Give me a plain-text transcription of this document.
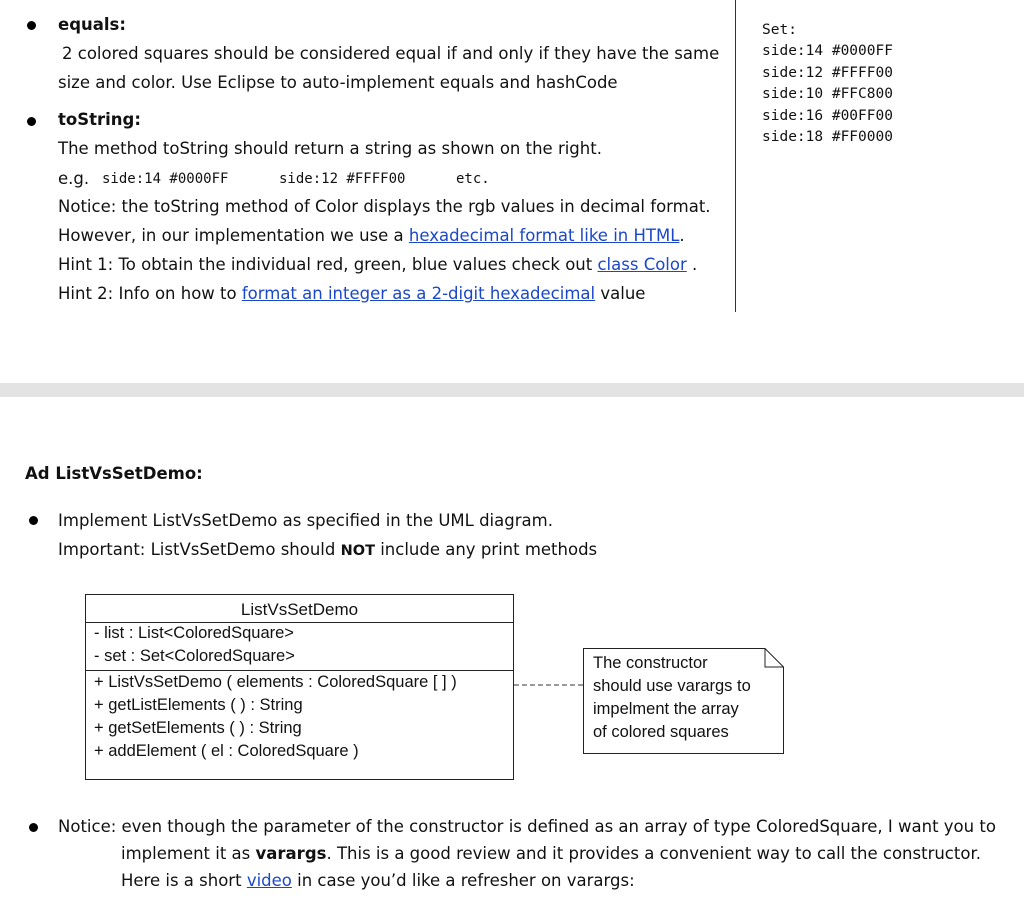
equals:
2 colored squares should be considered equal if and only if they have the same
size and color. Use Eclipse to auto-implement equals and hashCode
toString:
The method toString should return a string as shown on the right.
e.g. side:14 #0000FF	side:12 #FFFF00	etc.
Notice: the toString method of Color displays the rgb values in decimal format.
However, in our implementation we use a hexadecimal format like in HTML.
Hint 1: To obtain the individual red, green, blue values check out class Color .
Hint 2: Info on how to format an integer as a 2-digit hexadecimal value
Set:
side:14 #0000FF
side:12 #FFFF00
side:10 #FFC800
side:16 #00FF00
side:18 #FF0000
Ad ListVsSetDemo:
Implement ListVsSetDemo as specified in the UML diagram.
Important: ListVsSetDemo should NOT include any print methods
ListVsSetDemo
- list : List<ColoredSquare>
- set : Set<ColoredSquare>
+ ListVsSetDemo ( elements : ColoredSquare [ ] )
+ getListElements ( ) : String
+ getSetElements ( ) : String
+ addElement ( el : ColoredSquare )
The constructor
should use varargs to
impelment the array
of colored squares
Notice: even though the parameter of the constructor is defined as an array of type ColoredSquare, I want you to
implement it as varargs. This is a good review and it provides a convenient way to call the constructor.
Here is a short video in case you’d like a refresher on varargs:
